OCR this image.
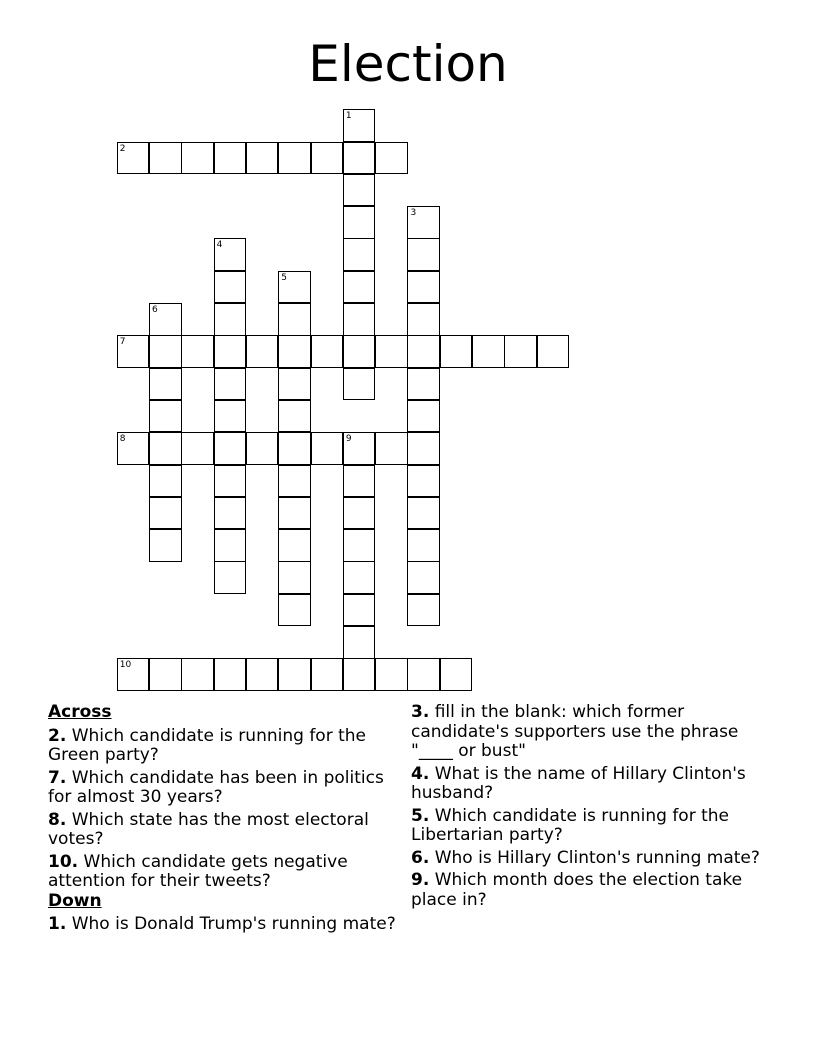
Election
1
2
3
4
5
6
7
8	9
10
Across
2. Which candidate is running for the Green party?
7. Which candidate has been in politics for almost 30 years?
8. Which state has the most electoral votes?
10. Which candidate gets negative attention for their tweets?
Down
1. Who is Donald Trump's running mate?
3. fill in the blank: which former candidate's supporters use the phrase "____ or bust"
4. What is the name of Hillary Clinton's husband?
5. Which candidate is running for the Libertarian party?
6. Who is Hillary Clinton's running mate?
9. Which month does the election take place in?
